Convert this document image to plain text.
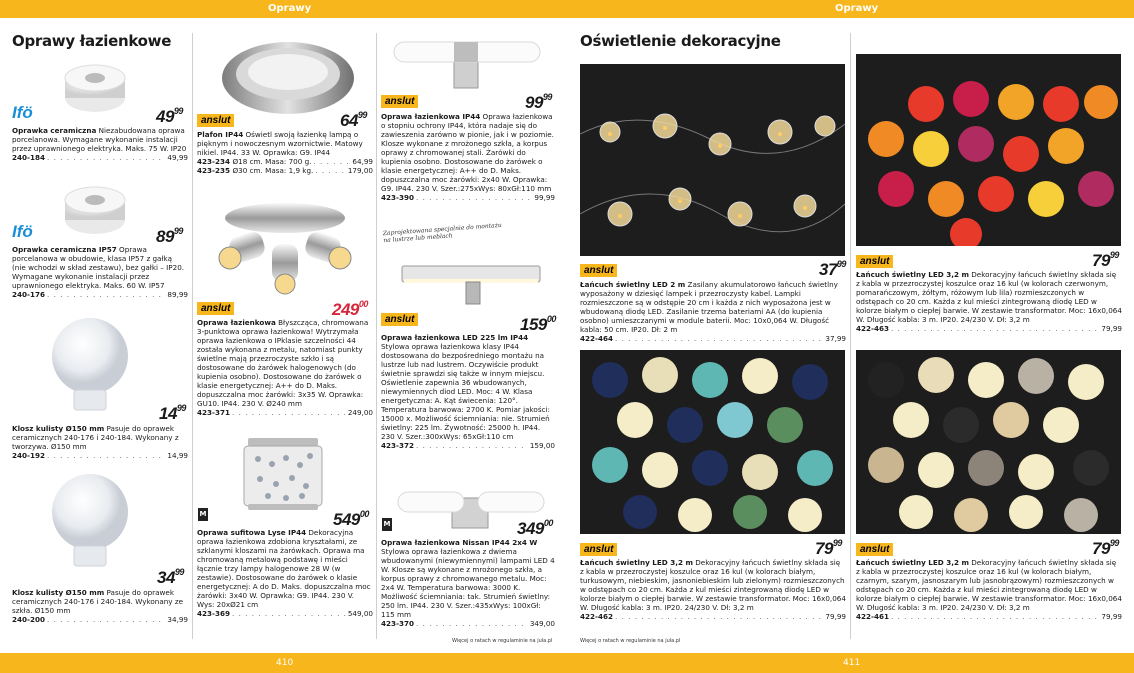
Oprawy	Oprawy
410	411
Oprawy łazienkowe	Oświetlenie dekoracyjne
Ifö	$49^{99}$
Oprawka ceramiczna Niezabudowana oprawa porcelanowa. Wymagane wykonanie instalacji przez uprawnionego elektryka. Maks. 75 W. IP20
240-184 . . .	49,99
Ifö	$89^{99}$
Oprawka ceramiczna IP57 Oprawa porcelanowa w obudowie, klasa IP57 z gałką (nie wchodzi w skład zestawu), bez gałki – IP20. Wymagane wykonanie instalacji przez uprawnionego elektryka. Maks. 60 W. IP57
240-176 . . .	89,99
$14^{99}$
Klosz kulisty Ø150 mm Pasuje do oprawek ceramicznych 240-176 i 240-184. Wykonany z tworzywa. Ø150 mm
240-192 . . .	14,99
$34^{99}$
Klosz kulisty Ø150 mm Pasuje do oprawek ceramicznych 240-176 i 240-184. Wykonany ze szkła. Ø150 mm
240-200 . . .	34,99
anslut	$64^{99}$
Plafon IP44 Oświetl swoją łazienkę lampą o pięknym i nowoczesnym wzornictwie. Matowy nikiel. IP44. 33 W. Oprawka: G9. IP44
423-234
Ø18 cm. Masa: 700 g. . . .	64,99
423-235
Ø30 cm. Masa: 1,9 kg. . . .	179,00
anslut	$249^{00}$
Oprawa łazienkowa Błyszcząca, chromowana 3-punktowa oprawa łazienkowa! Wytrzymała oprawa łazienkowa o IPklasie szczelności 44 została wykonana z metalu, natomiast punkty świetlne mają przezroczyste szkło i są dostosowane do żarówek halogenowych (do kupienia osobno). Dostosowane do żarówek o klasie energetycznej: A++ do D. Maks. dopuszczalna moc żarówki: 3x35 W. Oprawka: GU10. IP44. 230 V. Ø240 mm
423-371 . . .	249,00
M	$549^{00}$
Oprawa sufitowa Lyse IP44 Dekoracyjna oprawa łazienkowa zdobiona kryształami, ze szklanymi kloszami na żarówkach. Oprawa ma chromowaną metalową podstawę i mieści łącznie trzy lampy halogenowe 28 W (w zestawie). Dostosowane do żarówek o klasie energetycznej: A do D. Maks. dopuszczalna moc żarówki: 3x40 W. Oprawka: G9. IP44. 230 V. Wys: 20xØ21 cm
423-369 . . .	549,00
anslut	$99^{99}$
Oprawa łazienkowa IP44 Oprawa łazienkowa o stopniu ochrony IP44, która nadaje się do zawieszenia zarówno w pionie, jak i w poziomie. Klosze wykonane z mrożonego szkła, a korpus oprawy z chromowanej stali. Żarówki do kupienia osobno. Dostosowane do żarówek o klasie energetycznej: A++ do D. Maks. dopuszczalna moc żarówki: 2x40 W. Oprawka: G9. IP44. 230 V. Szer.:275xWys: 80xGł:110 mm
423-390 . . .	99,99
Zaprojektowana specjalnie do montażu na lustrze lub meblach
anslut	$159^{00}$
Oprawa łazienkowa LED 225 lm IP44 Stylowa oprawa łazienkowa klasy IP44 dostosowana do bezpośredniego montażu na lustrze lub nad lustrem. Oczywiście produkt świetnie sprawdzi się także w innym miejscu. Oświetlenie zapewnia 36 wbudowanych, niewymiennych diod LED. Moc: 4 W. Klasa energetyczna: A. Kąt świecenia: 120°. Temperatura barwowa: 2700 K. Pomiar jakości: 15000 x. Możliwość ściemniania: nie. Strumień świetlny: 225 lm. Żywotność: 25000 h. IP44. 230 V. Szer.:300xWys: 65xGł:110 cm
423-372 . . .	159,00
M	$349^{00}$
Oprawa łazienkowa Nissan IP44 2x4 W Stylowa oprawa łazienkowa z dwiema wbudowanymi (niewymiennymi) lampami LED 4 W. Klosze są wykonane z mrożonego szkła, a korpus oprawy z chromowanego metalu. Moc: 2x4 W. Temperatura barwowa: 3000 K. Możliwość ściemniania: tak. Strumień świetlny: 250 lm. IP44. 230 V. Szer.:435xWys: 100xGł: 115 mm
423-370 . . .	349,00
Więcej o ratach w regulaminie na jula.pl
anslut	$37^{99}$
Łańcuch świetlny LED 2 m Zasilany akumulatorowo łańcuch świetlny wyposażony w dziesięć lampek i przezroczysty kabel. Lampki rozmieszczone są w odstępie 20 cm i każda z nich wyposażona jest w wbudowaną diodę LED. Zasilanie trzema bateriami AA (do kupienia osobno) umieszczanymi w module baterii. Moc: 10x0,064 W. Długość kabla: 50 cm. IP20. Dł: 2 m
422-464 . . .	37,99
anslut	$79^{99}$
Łańcuch świetlny LED 3,2 m Dekoracyjny łańcuch świetlny składa się z kabla w przezroczystej koszulce oraz 16 kul (w kolorach czerwonym, pomarańczowym, żółtym, różowym lub lila) rozmieszczonych w odstępach co 20 cm. Każda z kul mieści zintegrowaną diodę LED w kolorze białym o ciepłej barwie. W zestawie transformator. Moc: 16x0,064 W. Długość kabla: 3 m. IP20. 24/230 V. Dł: 3,2 m
422-463 . . .	79,99
anslut	$79^{99}$
Łańcuch świetlny LED 3,2 m Dekoracyjny łańcuch świetlny składa się z kabla w przezroczystej koszulce oraz 16 kul (w kolorach białym, turkusowym, niebieskim, jasnoniebieskim lub zielonym) rozmieszczonych w odstępach co 20 cm. Każda z kul mieści zintegrowaną diodę LED w kolorze białym o ciepłej barwie. W zestawie transformator. Moc: 16x0,064 W. Długość kabla: 3 m. IP20. 24/230 V. Dł: 3,2 m
422-462 . . .	79,99
Więcej o ratach w regulaminie na jula.pl
anslut	$79^{99}$
Łańcuch świetlny LED 3,2 m Dekoracyjny łańcuch świetlny składa się z kabla w przezroczystej koszulce oraz 16 kul (w kolorach białym, czarnym, szarym, jasnoszarym lub jasnobrązowym) rozmieszczonych w odstępach co 20 cm. Każda z kul mieści zintegrowaną diodę LED w kolorze białym o ciepłej barwie. W zestawie transformator. Moc: 16x0,064 W. Długość kabla: 3 m. IP20. 24/230 V. Dł: 3,2 m
422-461 . . .	79,99
